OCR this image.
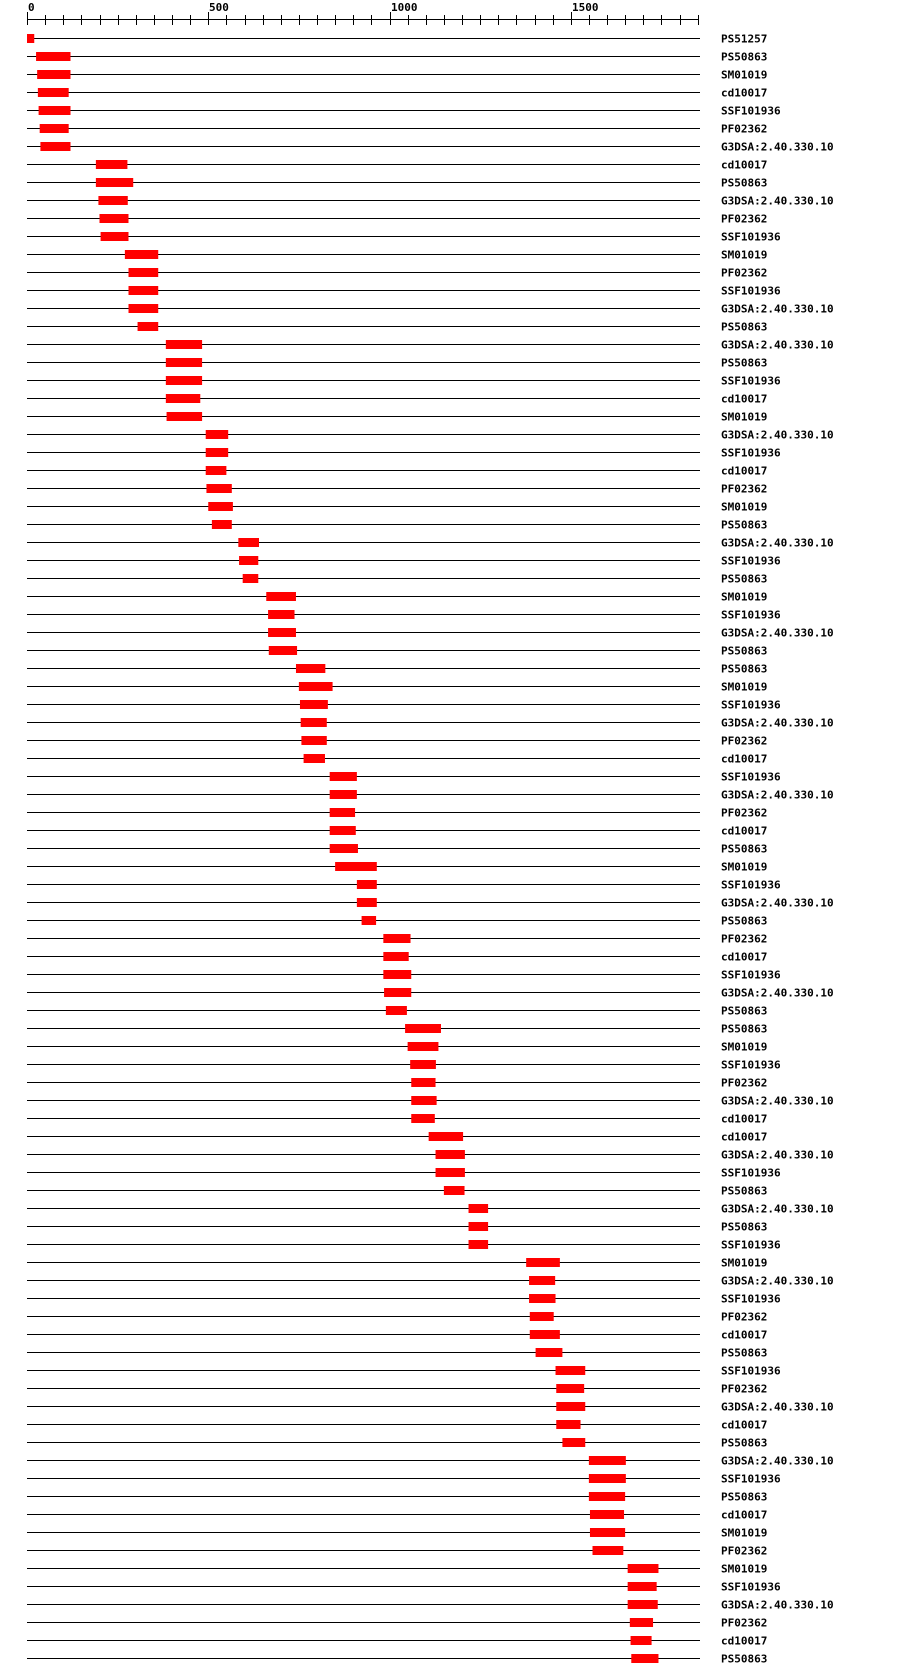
0	500	1000	1500
PS51257
PS50863
SM01019
cd10017
SSF101936
PF02362
G3DSA:2.40.330.10
cd10017
PS50863
G3DSA:2.40.330.10
PF02362
SSF101936
SM01019
PF02362
SSF101936
G3DSA:2.40.330.10
PS50863
G3DSA:2.40.330.10
PS50863
SSF101936
cd10017
SM01019
G3DSA:2.40.330.10
SSF101936
cd10017
PF02362
SM01019
PS50863
G3DSA:2.40.330.10
SSF101936
PS50863
SM01019
SSF101936
G3DSA:2.40.330.10
PS50863
PS50863
SM01019
SSF101936
G3DSA:2.40.330.10
PF02362
cd10017
SSF101936
G3DSA:2.40.330.10
PF02362
cd10017
PS50863
SM01019
SSF101936
G3DSA:2.40.330.10
PS50863
PF02362
cd10017
SSF101936
G3DSA:2.40.330.10
PS50863
PS50863
SM01019
SSF101936
PF02362
G3DSA:2.40.330.10
cd10017
cd10017
G3DSA:2.40.330.10
SSF101936
PS50863
G3DSA:2.40.330.10
PS50863
SSF101936
SM01019
G3DSA:2.40.330.10
SSF101936
PF02362
cd10017
PS50863
SSF101936
PF02362
G3DSA:2.40.330.10
cd10017
PS50863
G3DSA:2.40.330.10
SSF101936
PS50863
cd10017
SM01019
PF02362
SM01019
SSF101936
G3DSA:2.40.330.10
PF02362
cd10017
PS50863
